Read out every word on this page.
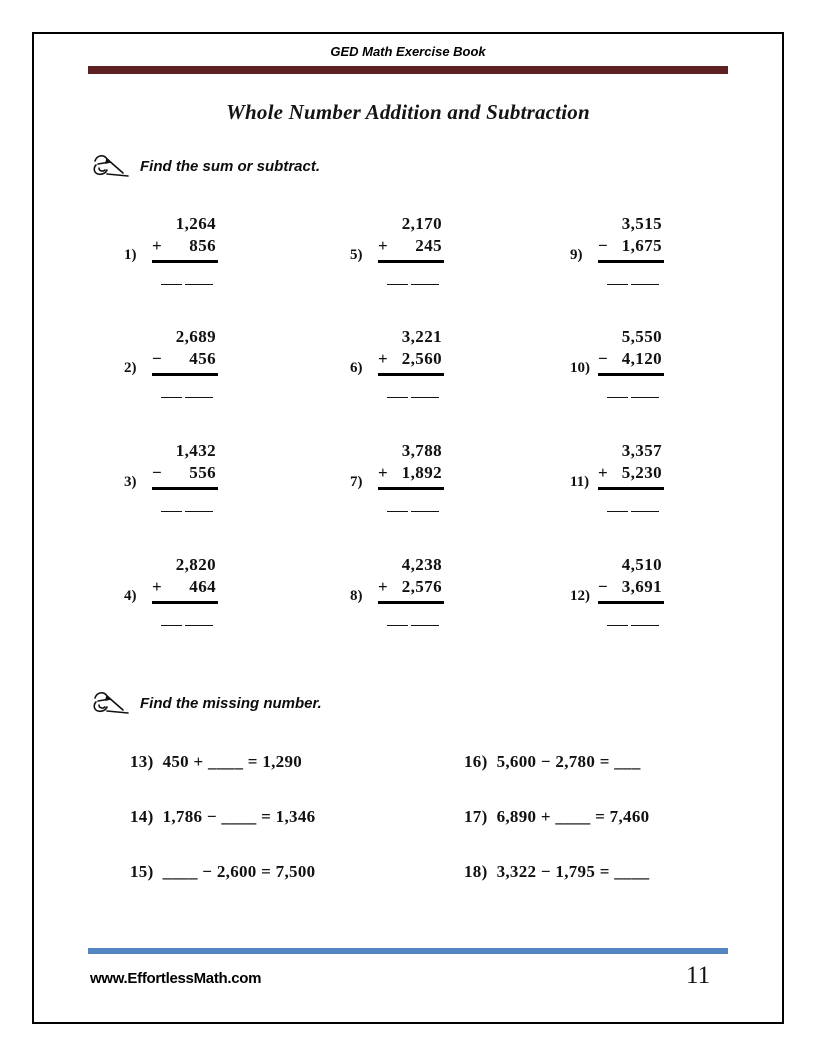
GED Math Exercise Book
Whole Number Addition and Subtraction
Find the sum or subtract.
1)
1,264
+ 856
2)
2,689
− 456
3)
1,432
− 556
4)
2,820
+ 464
5)
2,170
+ 245
6)
3,221
+ 2,560
7)
3,788
+ 1,892
8)
4,238
+ 2,576
9)
3,515
− 1,675
10)
5,550
− 4,120
11)
3,357
+ 5,230
12)
4,510
− 3,691
Find the missing number.
13) 450 + ____ = 1,290
14) 1,786 − ____ = 1,346
15) ____ − 2,600 = 7,500
16) 5,600 − 2,780 = ___
17) 6,890 + ____ = 7,460
18) 3,322 − 1,795 = ____
www.EffortlessMath.com	11
